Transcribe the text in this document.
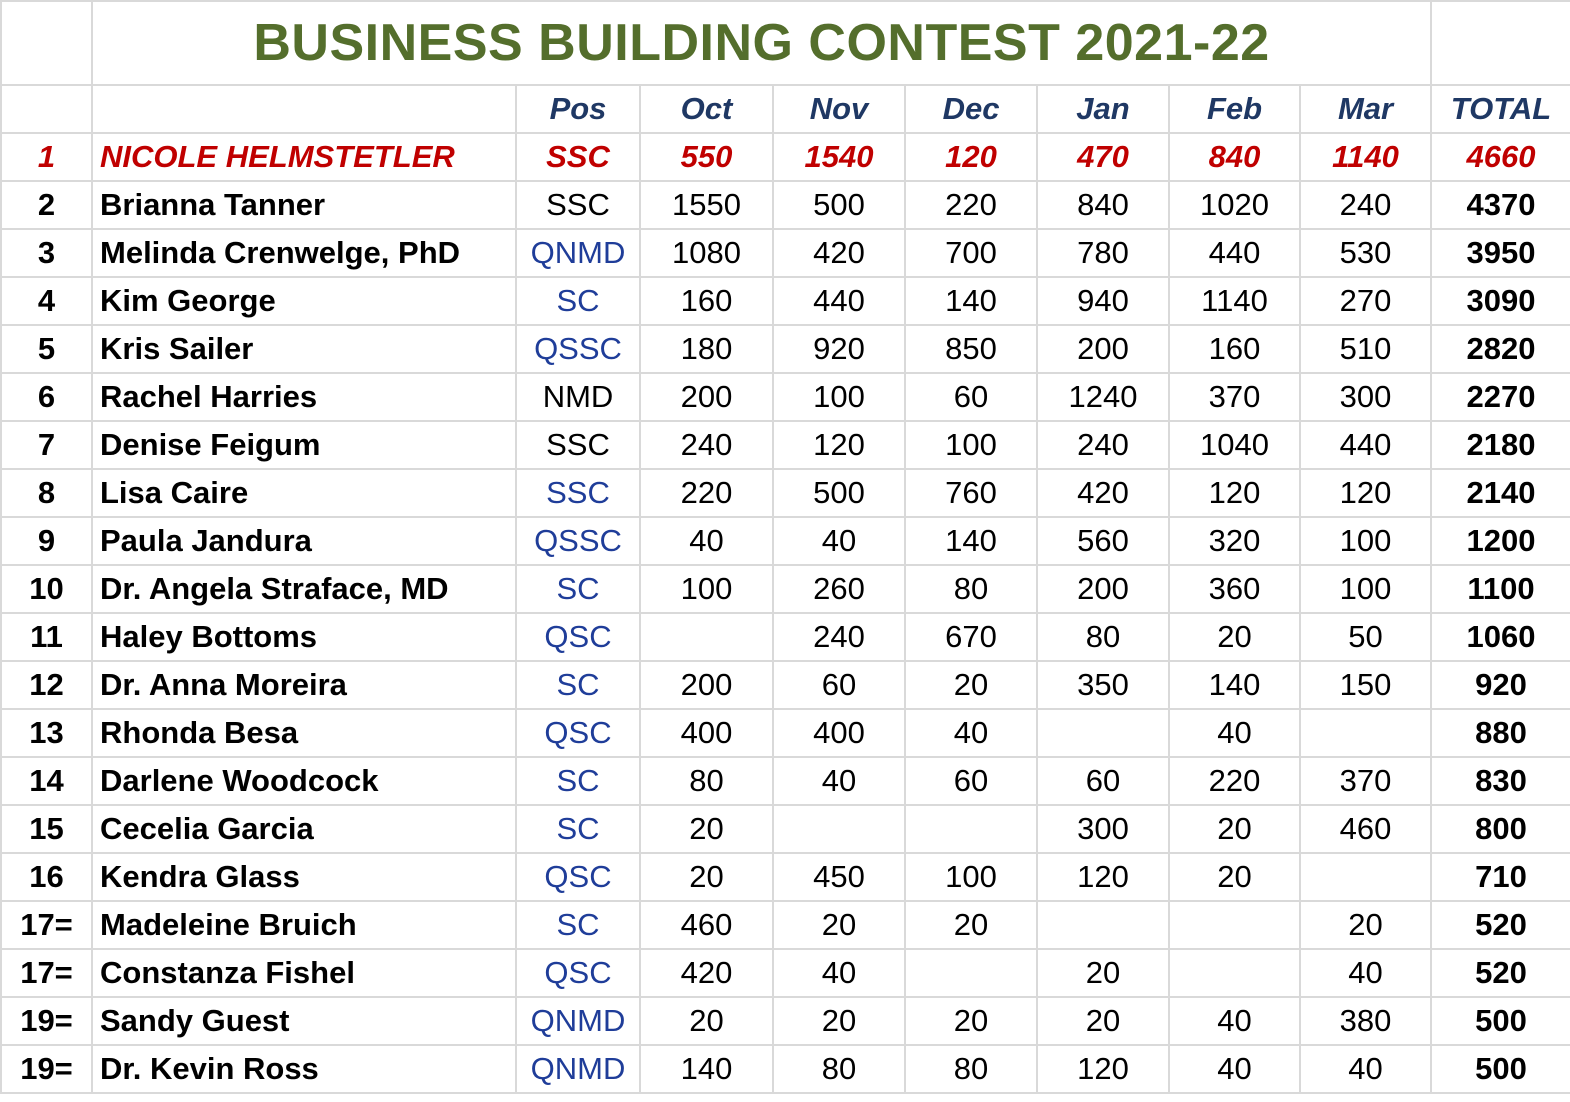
	BUSINESS BUILDING CONTEST 2021-22								
		Pos	Oct	Nov	Dec	Jan	Feb	Mar	TOTAL
1	NICOLE HELMSTETLER	SSC	550	1540	120	470	840	1140	4660
2	Brianna Tanner	SSC	1550	500	220	840	1020	240	4370
3	Melinda Crenwelge, PhD	QNMD	1080	420	700	780	440	530	3950
4	Kim George	SC	160	440	140	940	1140	270	3090
5	Kris Sailer	QSSC	180	920	850	200	160	510	2820
6	Rachel Harries	NMD	200	100	60	1240	370	300	2270
7	Denise Feigum	SSC	240	120	100	240	1040	440	2180
8	Lisa Caire	SSC	220	500	760	420	120	120	2140
9	Paula Jandura	QSSC	40	40	140	560	320	100	1200
10	Dr. Angela Straface, MD	SC	100	260	80	200	360	100	1100
11	Haley Bottoms	QSC		240	670	80	20	50	1060
12	Dr. Anna Moreira	SC	200	60	20	350	140	150	920
13	Rhonda Besa	QSC	400	400	40		40		880
14	Darlene Woodcock	SC	80	40	60	60	220	370	830
15	Cecelia Garcia	SC	20			300	20	460	800
16	Kendra Glass	QSC	20	450	100	120	20		710
17=	Madeleine Bruich	SC	460	20	20			20	520
17=	Constanza Fishel	QSC	420	40		20		40	520
19=	Sandy Guest	QNMD	20	20	20	20	40	380	500
19=	Dr. Kevin Ross	QNMD	140	80	80	120	40	40	500
